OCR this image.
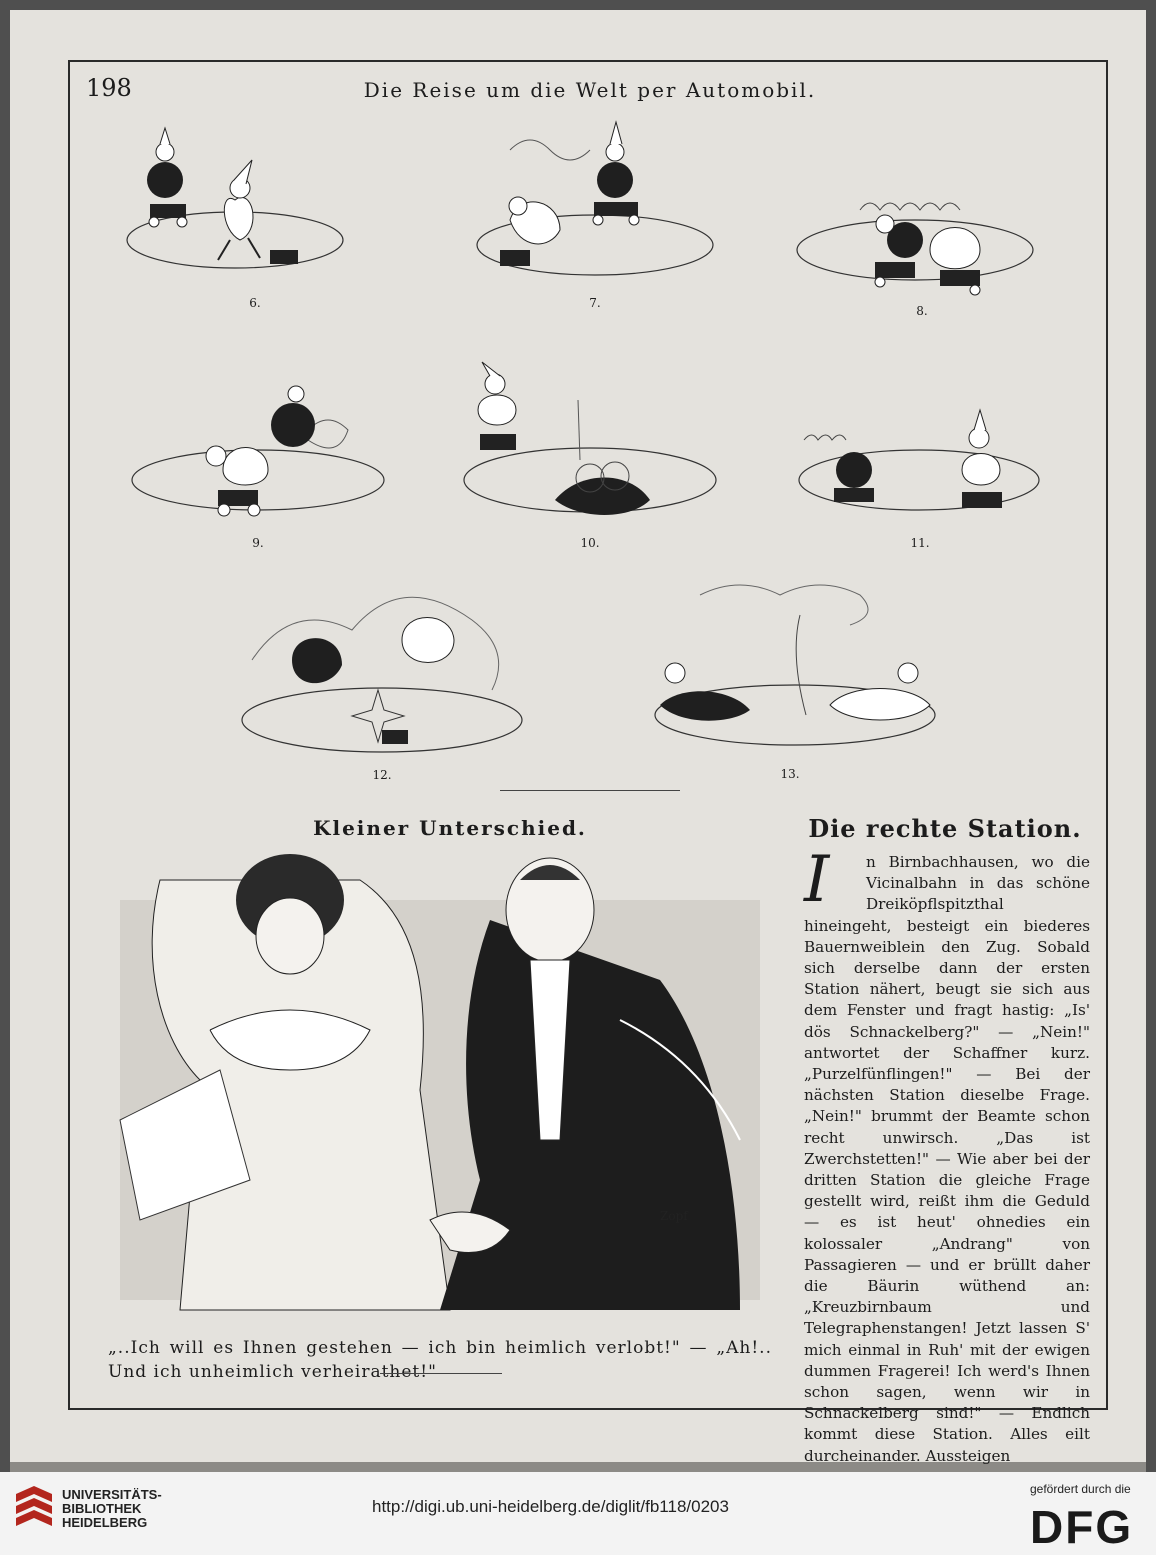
198	Die Reise um die Welt per Automobil.
6.	7.
8.
9.	10.	11.
12.	13.
Kleiner Unterschied.
Zopf
„..Ich will es Ihnen gestehen — ich bin heimlich verlobt!" — „Ah!.. Und ich unheimlich verheirathet!"
Die rechte Station.
n Birnbachhausen, wo die Vicinalbahn in das schöne Dreiköpflspitzthal hineingeht, besteigt ein biederes Bauernweiblein den Zug. Sobald sich derselbe dann der ersten Station nähert, beugt sie sich aus dem Fenster und fragt hastig: „Is' dös Schnackelberg?" — „Nein!" antwortet der Schaffner kurz. „Purzelfünflingen!" — Bei der nächsten Station dieselbe Frage. „Nein!" brummt der Beamte schon recht unwirsch. „Das ist Zwerchstetten!" — Wie aber bei der dritten Station die gleiche Frage gestellt wird, reißt ihm die Geduld — es ist heut' ohnedies ein kolossaler „Andrang" von Passagieren — und er brüllt daher die Bäurin wüthend an: „Kreuzbirnbaum und Telegraphenstangen! Jetzt lassen S' mich einmal in Ruh' mit der ewigen dummen Fragerei! Ich werd's Ihnen schon sagen, wenn wir in Schnackelberg sind!" — Endlich kommt diese Station. Alles eilt durcheinander. Aussteigen
I
UNIVERSITÄTS-
BIBLIOTHEK
HEIDELBERG
http://digi.ub.uni-heidelberg.de/diglit/fb118/0203
gefördert durch die
DFG
